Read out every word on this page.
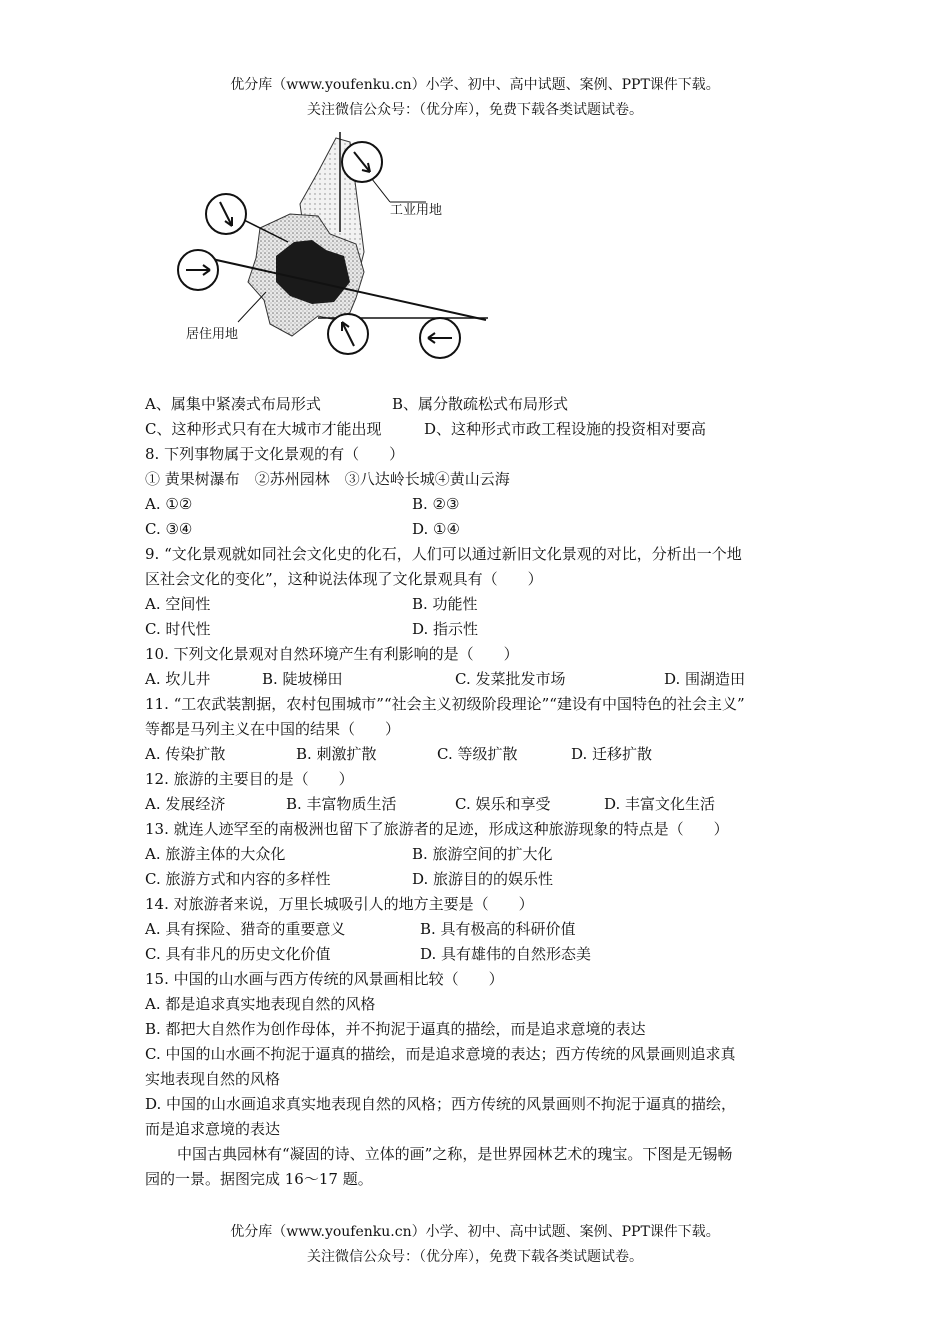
优分库（www.youfenku.cn）小学、初中、高中试题、案例、PPT课件下载。
关注微信公众号：（优分库），免费下载各类试题试卷。
工业用地
居住用地
A、属集中紧凑式布局形式	B、属分散疏松式布局形式
C、这种形式只有在大城市才能出现	D、这种形式市政工程设施的投资相对要高
8. 下列事物属于文化景观的有（　　）
① 黄果树瀑布　②苏州园林　③八达岭长城④黄山云海
A. ①②	B. ②③
C. ③④	D. ①④
9. “文化景观就如同社会文化史的化石，人们可以通过新旧文化景观的对比，分析出一个地
区社会文化的变化”，这种说法体现了文化景观具有（　　）
A. 空间性	B. 功能性
C. 时代性	D. 指示性
10. 下列文化景观对自然环境产生有利影响的是（　　）
A. 坎儿井	B. 陡坡梯田	C. 发菜批发市场	D. 围湖造田
11. “工农武装割据，农村包围城市”“社会主义初级阶段理论”“建设有中国特色的社会主义”
等都是马列主义在中国的结果（　　）
A. 传染扩散	B. 刺激扩散	C. 等级扩散	D. 迁移扩散
12. 旅游的主要目的是（　　）
A. 发展经济	B. 丰富物质生活	C. 娱乐和享受	D. 丰富文化生活
13. 就连人迹罕至的南极洲也留下了旅游者的足迹，形成这种旅游现象的特点是（　　）
A. 旅游主体的大众化	B. 旅游空间的扩大化
C. 旅游方式和内容的多样性	D. 旅游目的的娱乐性
14. 对旅游者来说，万里长城吸引人的地方主要是（　　）
A. 具有探险、猎奇的重要意义	B. 具有极高的科研价值
C. 具有非凡的历史文化价值	D. 具有雄伟的自然形态美
15. 中国的山水画与西方传统的风景画相比较（　　）
A. 都是追求真实地表现自然的风格
B. 都把大自然作为创作母体，并不拘泥于逼真的描绘，而是追求意境的表达
C. 中国的山水画不拘泥于逼真的描绘，而是追求意境的表达；西方传统的风景画则追求真
实地表现自然的风格
D. 中国的山水画追求真实地表现自然的风格；西方传统的风景画则不拘泥于逼真的描绘，
而是追求意境的表达
中国古典园林有“凝固的诗、立体的画”之称，是世界园林艺术的瑰宝。下图是无锡畅
园的一景。据图完成 16～17 题。
优分库（www.youfenku.cn）小学、初中、高中试题、案例、PPT课件下载。
关注微信公众号：（优分库），免费下载各类试题试卷。
